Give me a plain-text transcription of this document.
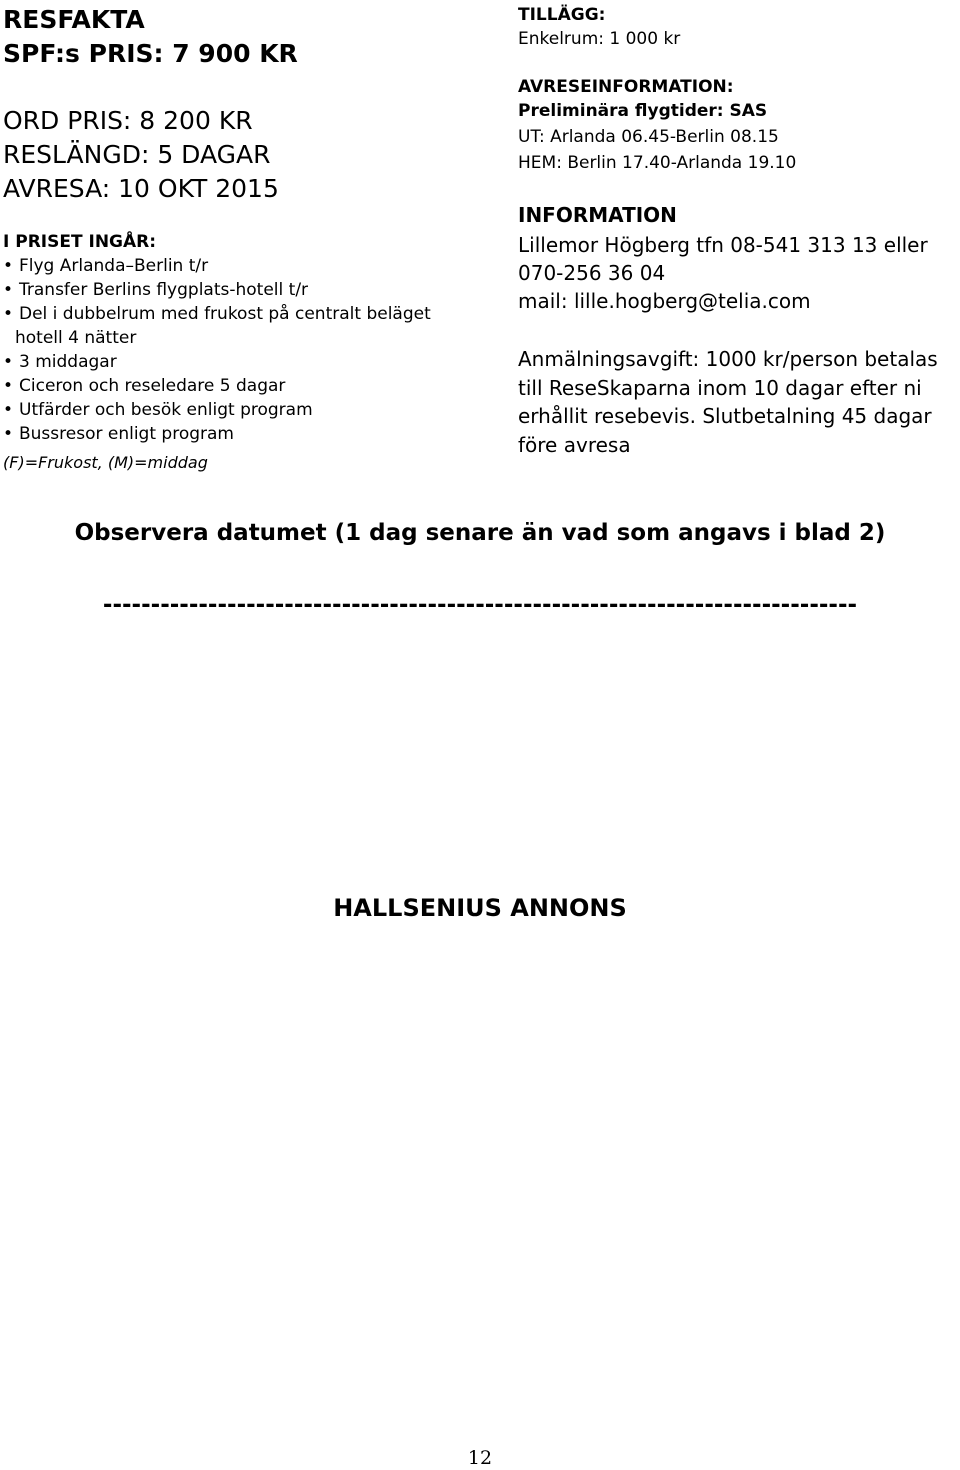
RESFAKTA
SPF:s PRIS: 7 900 KR
ORD PRIS: 8 200 KR
RESLÄNGD: 5 DAGAR
AVRESA: 10 OKT 2015
I PRISET INGÅR:
• Flyg Arlanda–Berlin t/r
• Transfer Berlins flygplats-hotell t/r
• Del i dubbelrum med frukost på centralt beläget
hotell 4 nätter
• 3 middagar
• Ciceron och reseledare 5 dagar
• Utfärder och besök enligt program
• Bussresor enligt program
(F)=Frukost, (M)=middag
TILLÄGG:
Enkelrum: 1 000 kr
AVRESEINFORMATION:
Preliminära flygtider: SAS
UT: Arlanda 06.45-Berlin 08.15
HEM: Berlin 17.40-Arlanda 19.10
INFORMATION
Lillemor Högberg tfn 08-541 313 13 eller
070-256 36 04
mail: lille.hogberg@telia.com
Anmälningsavgift: 1000 kr/person betalas
till ReseSkaparna inom 10 dagar efter ni
erhållit resebevis. Slutbetalning 45 dagar
före avresa
Observera datumet (1 dag senare än vad som angavs i blad 2)
-------------------------------------------------------------------------------
HALLSENIUS ANNONS
12
